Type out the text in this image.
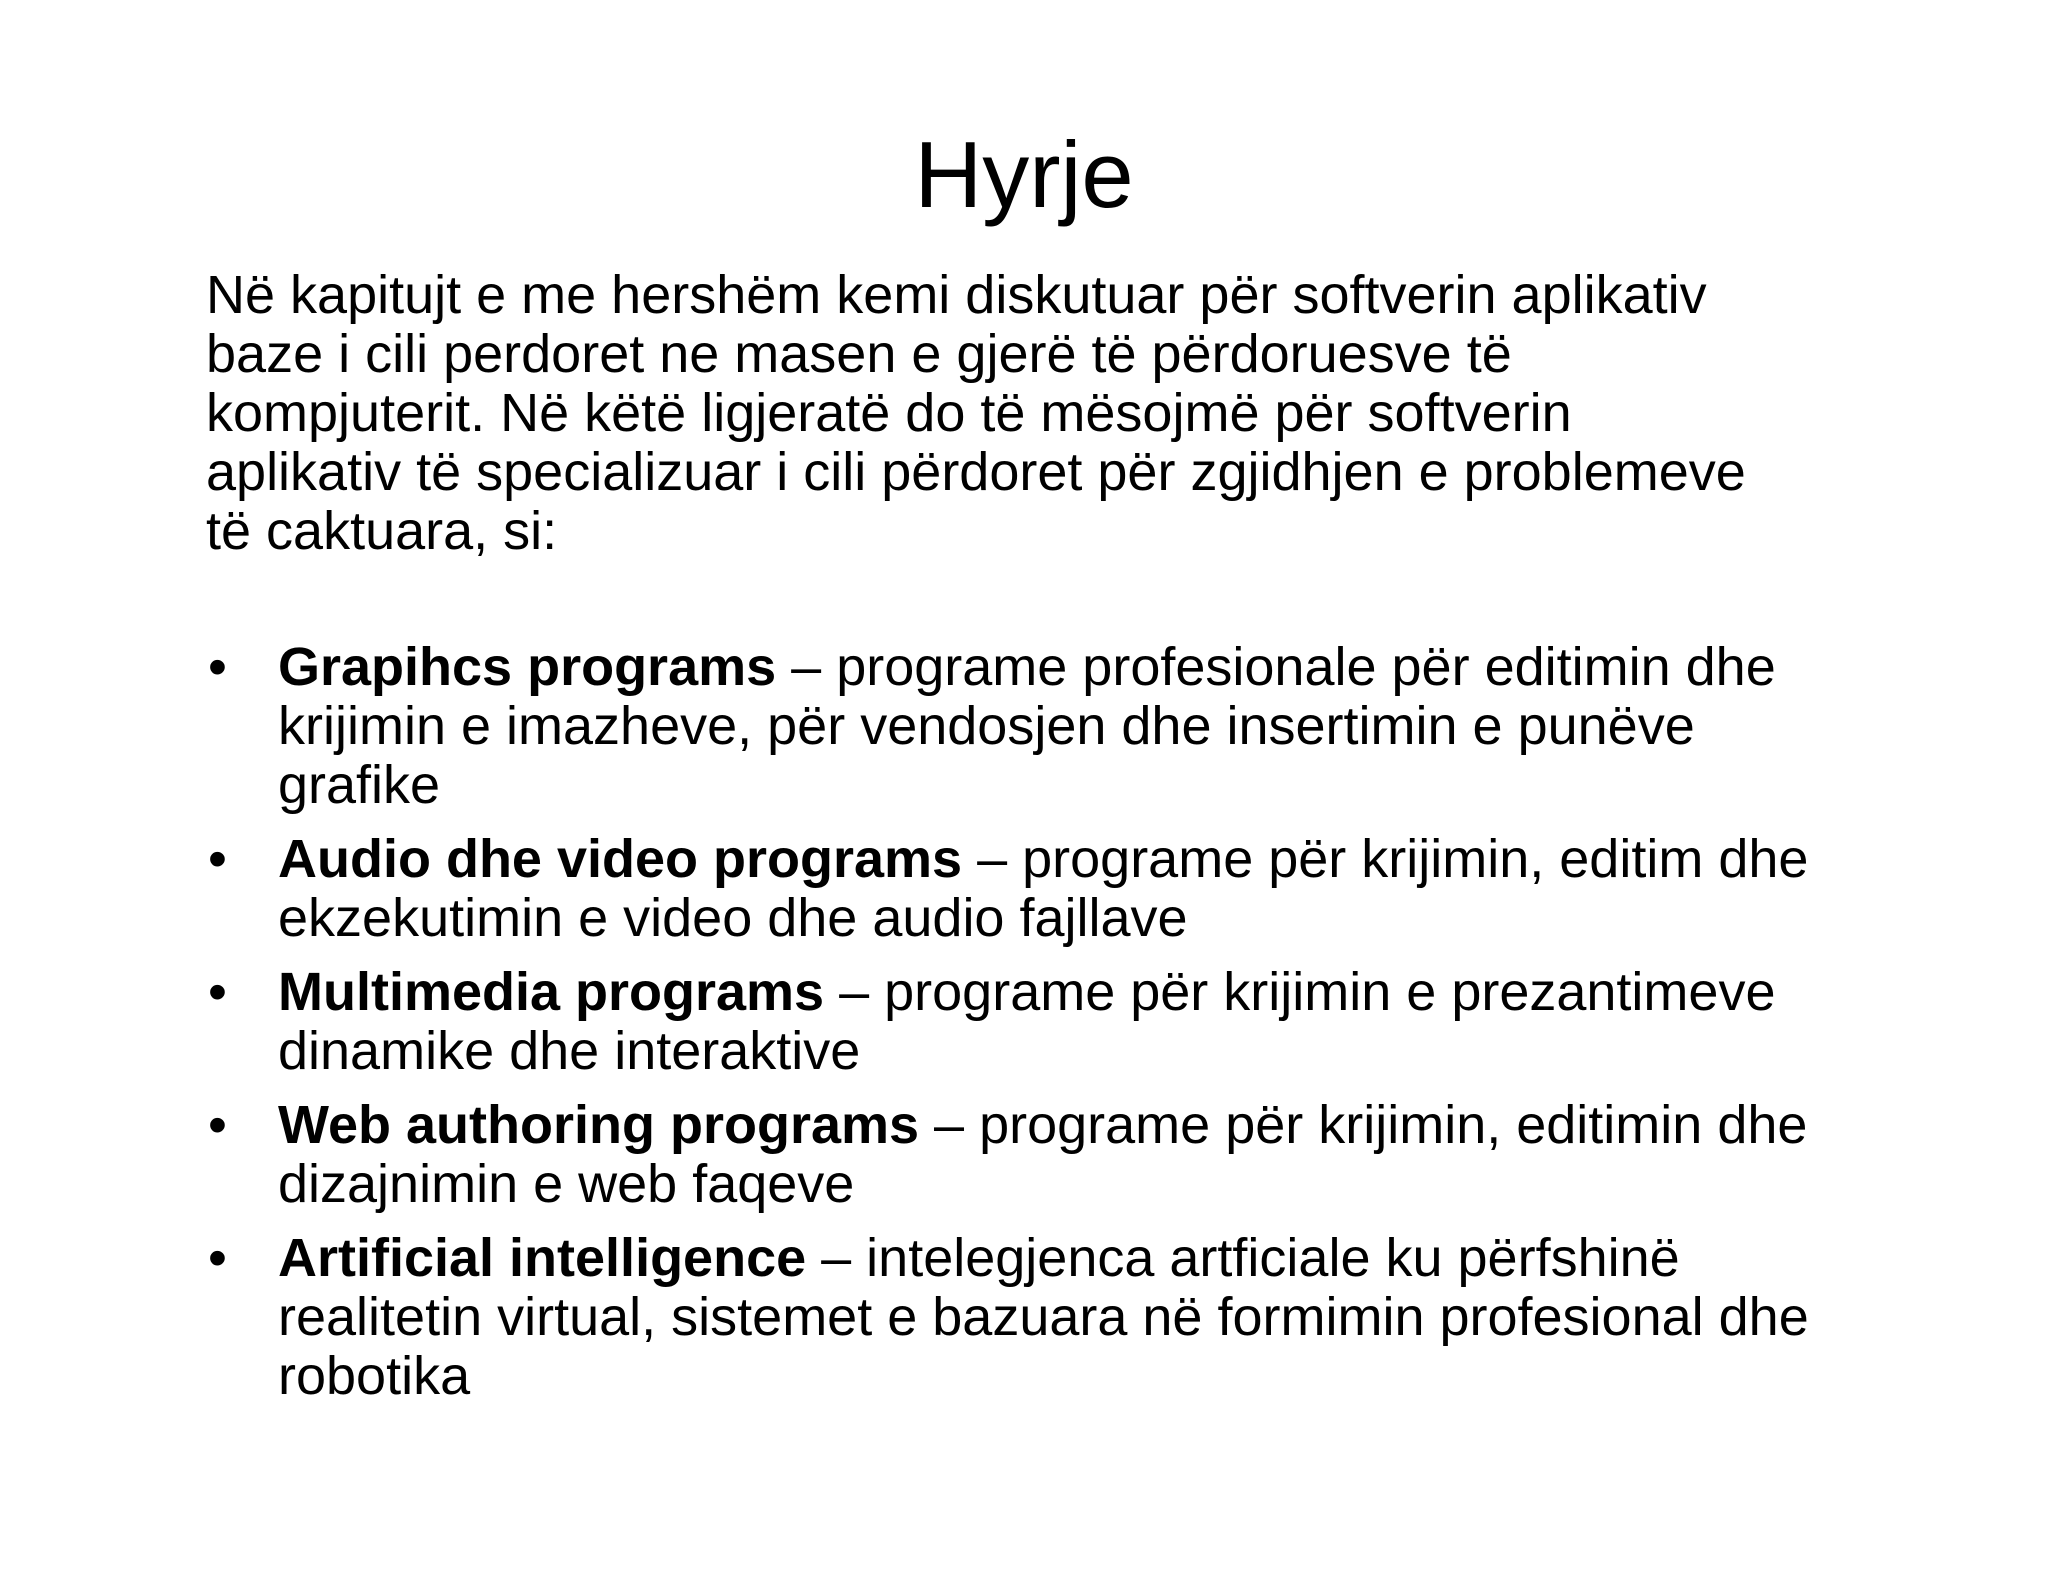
Hyrje

Në kapitujt e me hershëm kemi diskutuar për softverin aplikativ baze i cili perdoret ne masen e gjerë të përdoruesve të kompjuterit. Në këtë ligjeratë do të mësojmë për softverin aplikativ të specializuar i cili përdoret për zgjidhjen e problemeve të caktuara, si:

• Grapihcs programs – programe profesionale për editimin dhe krijimin e imazheve, për vendosjen dhe insertimin e punëve grafike
• Audio dhe video programs – programe për krijimin, editim dhe ekzekutimin e video dhe audio fajllave
• Multimedia programs – programe për krijimin e prezantimeve dinamike dhe interaktive
• Web authoring programs – programe për krijimin, editimin dhe dizajnimin e web faqeve
• Artificial intelligence – intelegjenca artficiale ku përfshinë realitetin virtual, sistemet e bazuara në formimin profesional dhe robotika
